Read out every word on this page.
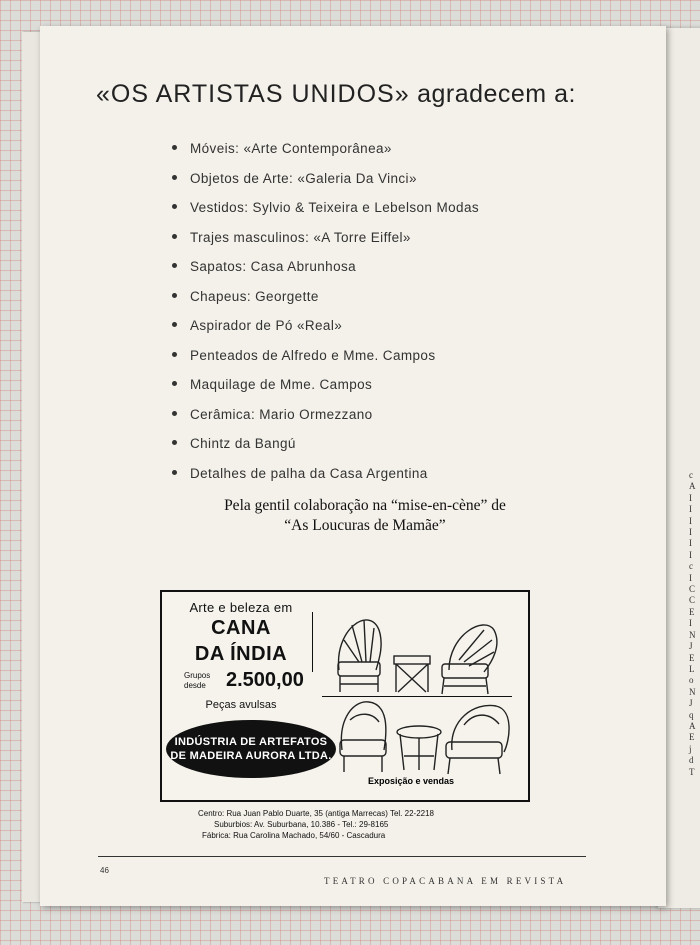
c
A
I
I
I
I
I
I
c
I
C
C
E
I
N
J
E
L
o
N
J
q
A
E
j
d
T
«OS ARTISTAS UNIDOS» agradecem a:
Móveis: «Arte Contemporânea»
Objetos de Arte: «Galeria Da Vinci»
Vestidos: Sylvio & Teixeira e Lebelson Modas
Trajes masculinos: «A Torre Eiffel»
Sapatos: Casa Abrunhosa
Chapeus: Georgette
Aspirador de Pó «Real»
Penteados de Alfredo e Mme. Campos
Maquilage de Mme. Campos
Cerâmica: Mario Ormezzano
Chintz da Bangú
Detalhes de palha da Casa Argentina
Pela gentil colaboração na “mise-en-cène” de
“As Loucuras de Mamãe”
Arte e beleza em
CANA
DA ÍNDIA
Grupos
desde 2.500,00
Peças avulsas
INDÚSTRIA DE ARTEFATOS
DE MADEIRA AURORA LTDA.
Exposição e vendas
Centro: Rua Juan Pablo Duarte, 35 (antiga Marrecas) Tel. 22-2218
Suburbios: Av. Suburbana, 10.386 - Tel.: 29-8165
Fábrica: Rua Carolina Machado, 54/60 - Cascadura
46
TEATRO COPACABANA EM REVISTA
